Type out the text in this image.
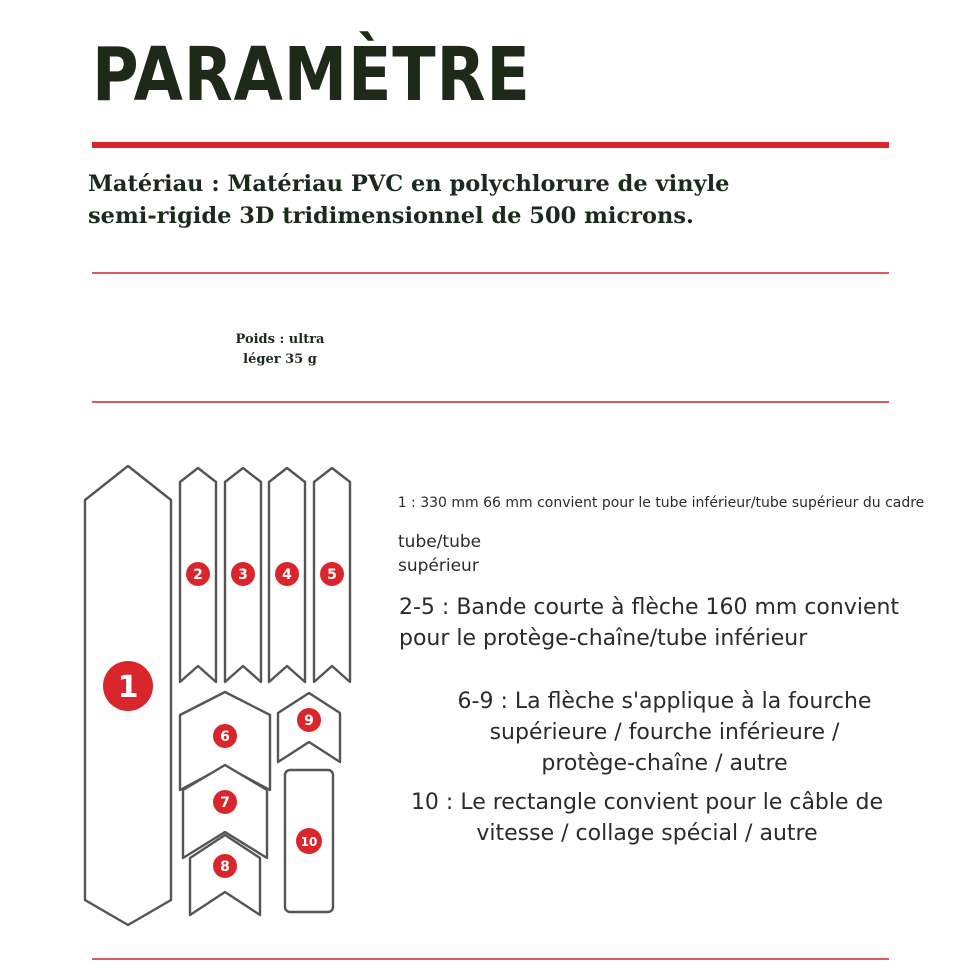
PARAMÈTRE
Matériau : Matériau PVC en polychlorure de vinyle
semi-rigide 3D tridimensionnel de 500 microns.
Poids : ultra
léger 35 g
1
2	3 4	5
6
7
8
9
10
1 : 330 mm 66 mm convient pour le tube inférieur/tube supérieur du cadre
tube/tube
supérieur
2-5 : Bande courte à flèche 160 mm convient
pour le protège-chaîne/tube inférieur
6-9 : La flèche s'applique à la fourche
supérieure / fourche inférieure /
protège-chaîne / autre
10 : Le rectangle convient pour le câble de
vitesse / collage spécial / autre
